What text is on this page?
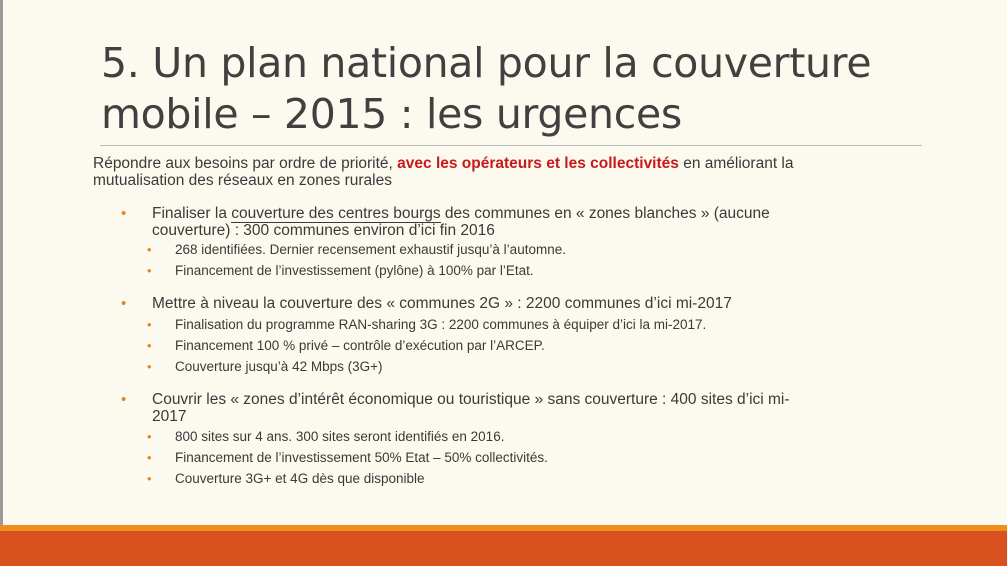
5. Un plan national pour la couverture
mobile – 2015 : les urgences
Répondre aux besoins par ordre de priorité, avec les opérateurs et les collectivités en améliorant la
mutualisation des réseaux en zones rurales
• Finaliser la couverture des centres bourgs des communes en « zones blanches » (aucune
couverture) : 300 communes environ d’ici fin 2016
• 268 identifiées. Dernier recensement exhaustif jusqu’à l’automne.
• Financement de l’investissement (pylône) à 100% par l’Etat.
• Mettre à niveau la couverture des « communes 2G » : 2200 communes d’ici mi-2017
• Finalisation du programme RAN-sharing 3G : 2200 communes à équiper d’ici la mi-2017.
• Financement 100 % privé – contrôle d’exécution par l’ARCEP.
• Couverture jusqu’à 42 Mbps (3G+)
• Couvrir les « zones d’intérêt économique ou touristique » sans couverture : 400 sites d’ici mi-
2017
• 800 sites sur 4 ans. 300 sites seront identifiés en 2016.
• Financement de l’investissement 50% Etat – 50% collectivités.
• Couverture 3G+ et 4G dès que disponible
